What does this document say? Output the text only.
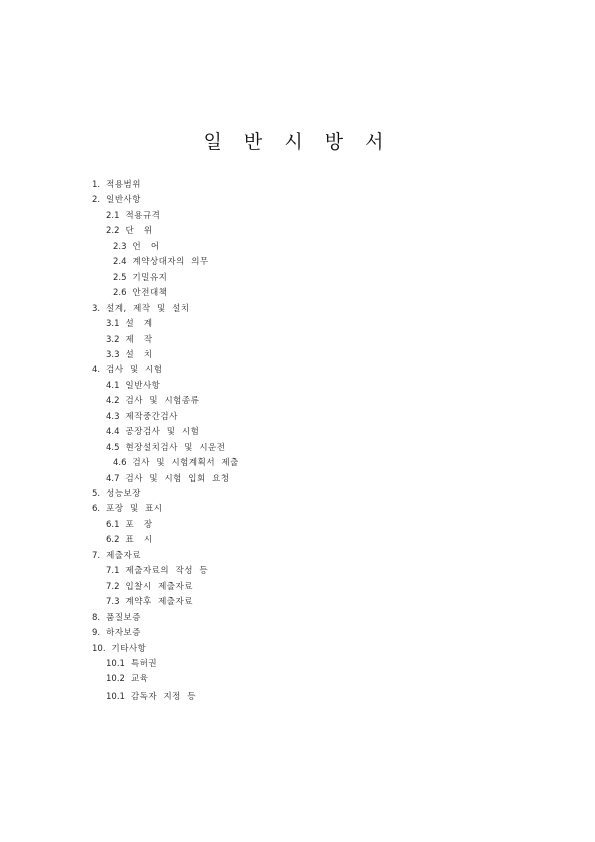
일 반 시 방 서
1. 적용범위
2. 일반사항
2.1 적용규격
2.2 단   위
2.3 언   어
2.4 계약상대자의  의무
2.5 기밀유지
2.6 안전대책
3. 설계,  제작  및  설치
3.1 설   계
3.2 제   작
3.3 설   치
4. 검사  및  시험
4.1 일반사항
4.2 검사  및  시험종류
4.3 제작중간검사
4.4 공장검사  및  시험
4.5 현장설치검사  및  시운전
4.6 검사  및  시험계획서  제출
4.7 검사  및  시험  입회  요청
5. 성능보장
6. 포장  및  표시
6.1 포   장
6.2 표   시
7. 제출자료
7.1 제출자료의  작성  등
7.2 입찰시  제출자료
7.3 계약후  제출자료
8. 품질보증
9. 하자보증
10. 기타사항
10.1 특허권
10.2 교육
10.1 감독자  지정  등
